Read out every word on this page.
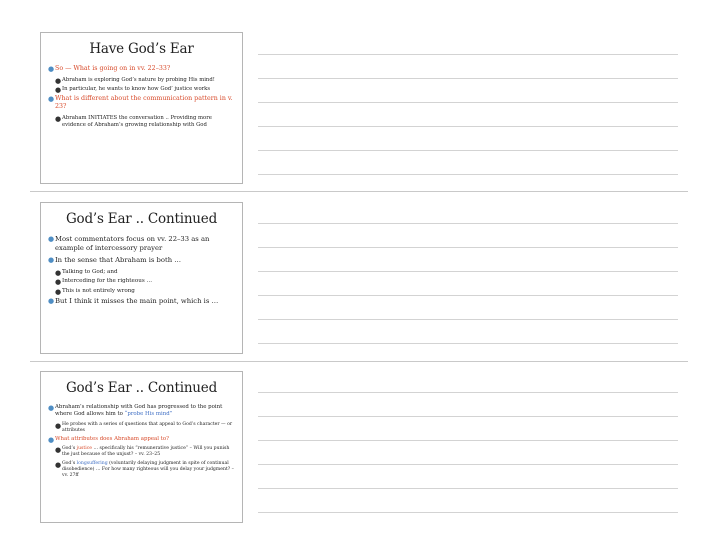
Have God’s Ear
● So — What is going on in vv. 22–33?
● Abraham is exploring God’s nature by probing His mind!
● In particular, he wants to know how God’ justice works
● What is different about the communication pattern in v. 23?
● Abraham INITIATES the conversation .. Providing more evidence of Abraham’s growing relationship with God
God’s Ear .. Continued
● Most commentators focus on vv. 22–33 as an example of intercessory prayer
● In the sense that Abraham is both …
● Talking to God; and
● Interceding for the righteous …
● This is not entirely wrong
● But I think it misses the main point, which is …
God’s Ear .. Continued
● Abraham’s relationship with God has progressed to the point where God allows him to “probe His mind”
● He probes with a series of questions that appeal to God’s character — or attributes
● What attributes does Abraham appeal to?
● God’s justice … specifically his “remunerative justice” – Will you punish the just because of the unjust? – vv. 23–25
● God’s longsuffering (voluntarily delaying judgment in spite of continual disobedience) … For how many righteous will you delay your judgment? – vv. 27ff
